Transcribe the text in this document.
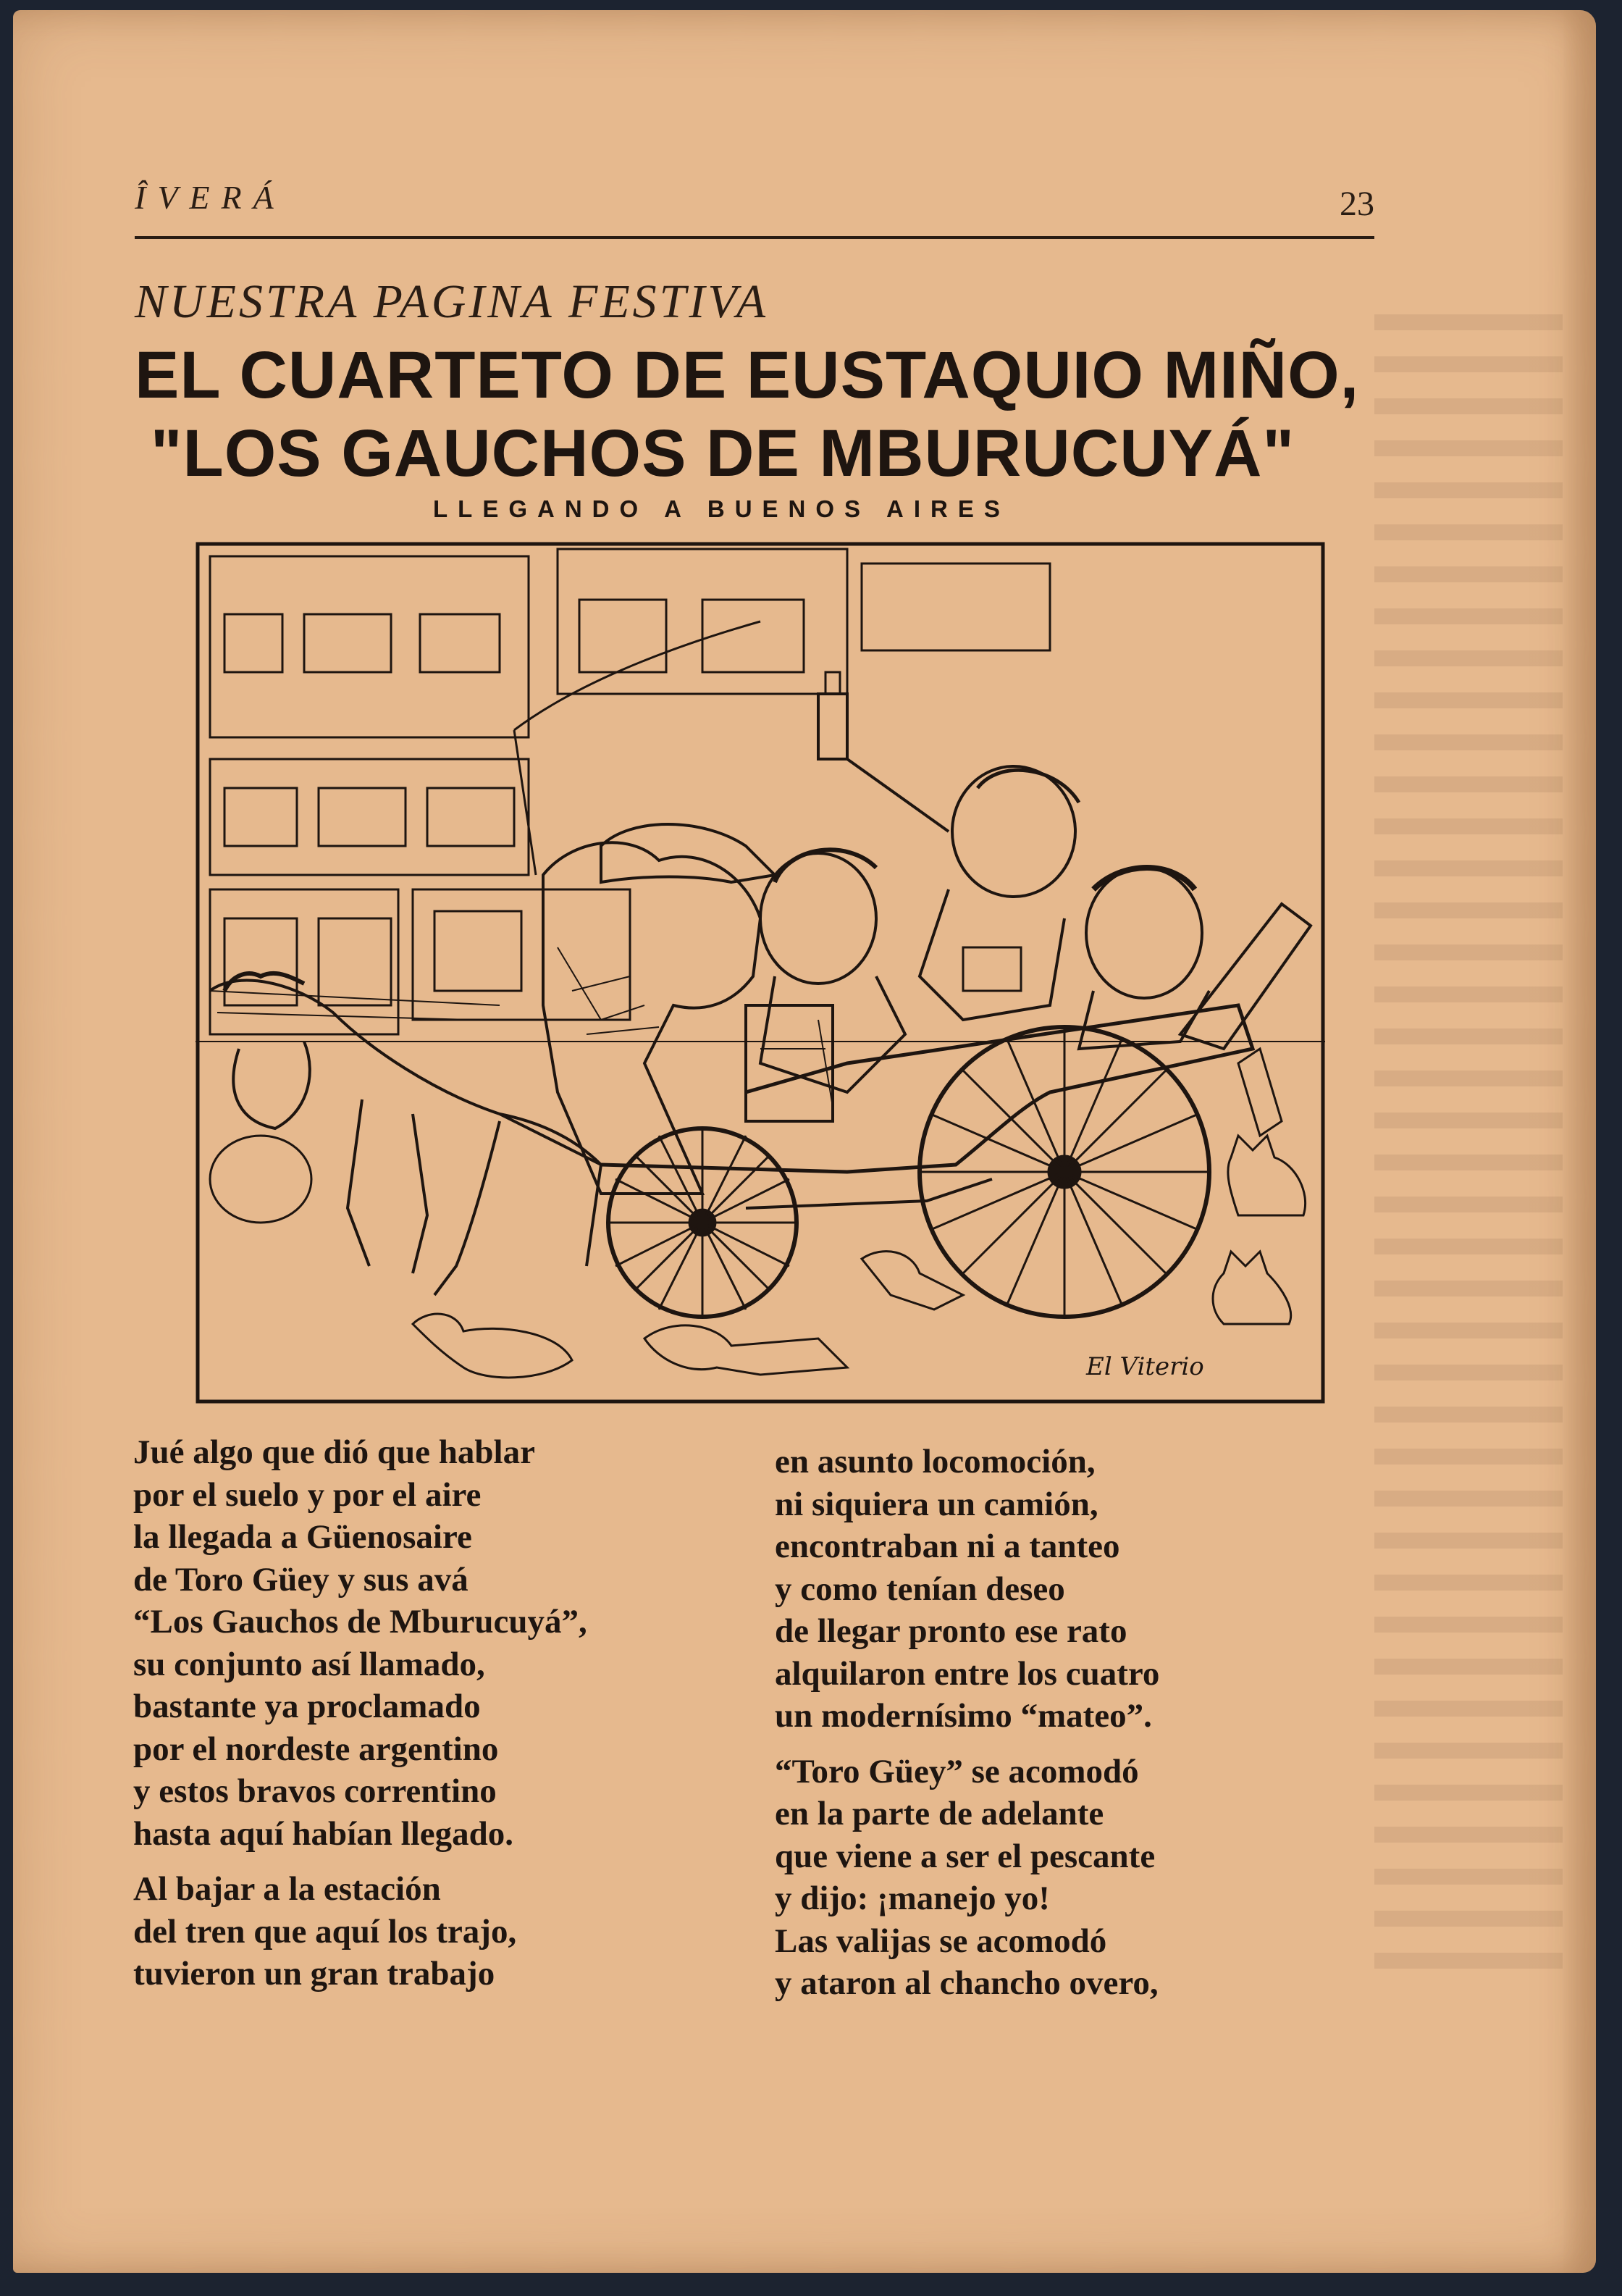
ÎVERÁ	23
NUESTRA PAGINA FESTIVA
EL CUARTETO DE EUSTAQUIO MIÑO,
"LOS GAUCHOS DE MBURUCUYÁ"
LLEGANDO A BUENOS AIRES
El Viterio
Jué algo que dió que hablar
por el suelo y por el aire
la llegada a Güenosaire
de Toro Güey y sus avá
“Los Gauchos de Mburucuyá”,
su conjunto así llamado,
bastante ya proclamado
por el nordeste argentino
y estos bravos correntino
hasta aquí habían llegado.
Al bajar a la estación
del tren que aquí los trajo,
tuvieron un gran trabajo
en asunto locomoción,
ni siquiera un camión,
encontraban ni a tanteo
y como tenían deseo
de llegar pronto ese rato
alquilaron entre los cuatro
un modernísimo “mateo”.
“Toro Güey” se acomodó
en la parte de adelante
que viene a ser el pescante
y dijo: ¡manejo yo!
Las valijas se acomodó
y ataron al chancho overo,
